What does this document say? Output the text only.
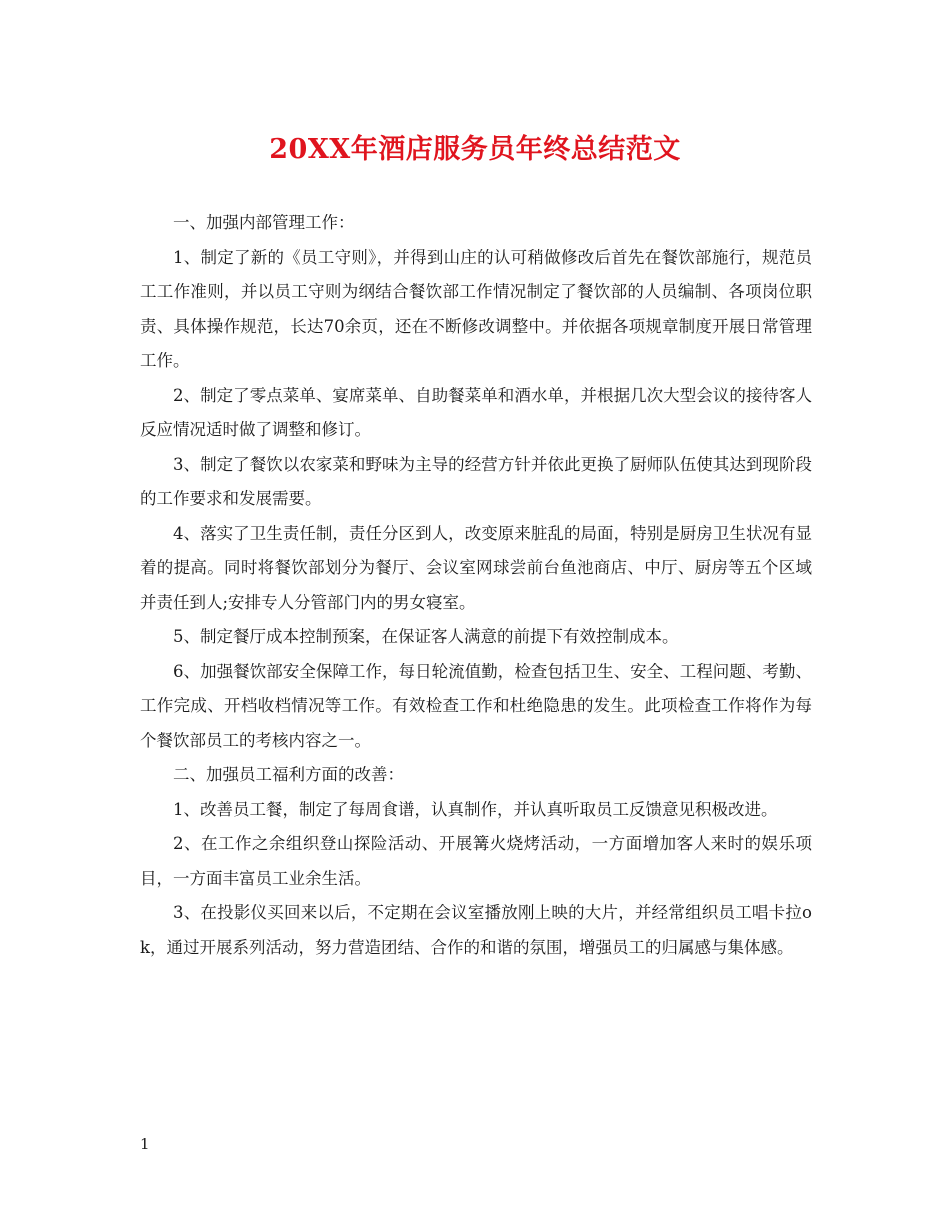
20XX年酒店服务员年终总结范文

一、加强内部管理工作：

1、制定了新的《员工守则》，并得到山庄的认可稍做修改后首先在餐饮部施行，规范员工工作准则，并以员工守则为纲结合餐饮部工作情况制定了餐饮部的人员编制、各项岗位职责、具体操作规范，长达70余页，还在不断修改调整中。并依据各项规章制度开展日常管理工作。

2、制定了零点菜单、宴席菜单、自助餐菜单和酒水单，并根据几次大型会议的接待客人反应情况适时做了调整和修订。

3、制定了餐饮以农家菜和野味为主导的经营方针并依此更换了厨师队伍使其达到现阶段的工作要求和发展需要。

4、落实了卫生责任制，责任分区到人，改变原来脏乱的局面，特别是厨房卫生状况有显着的提高。同时将餐饮部划分为餐厅、会议室网球尝前台鱼池商店、中厅、厨房等五个区域并责任到人;安排专人分管部门内的男女寝室。

5、制定餐厅成本控制预案，在保证客人满意的前提下有效控制成本。

6、加强餐饮部安全保障工作，每日轮流值勤，检查包括卫生、安全、工程问题、考勤、工作完成、开档收档情况等工作。有效检查工作和杜绝隐患的发生。此项检查工作将作为每个餐饮部员工的考核内容之一。

二、加强员工福利方面的改善：

1、改善员工餐，制定了每周食谱，认真制作，并认真听取员工反馈意见积极改进。

2、在工作之余组织登山探险活动、开展篝火烧烤活动，一方面增加客人来时的娱乐项目，一方面丰富员工业余生活。

3、在投影仪买回来以后，不定期在会议室播放刚上映的大片，并经常组织员工唱卡拉ok，通过开展系列活动，努力营造团结、合作的和谐的氛围，增强员工的归属感与集体感。

1
